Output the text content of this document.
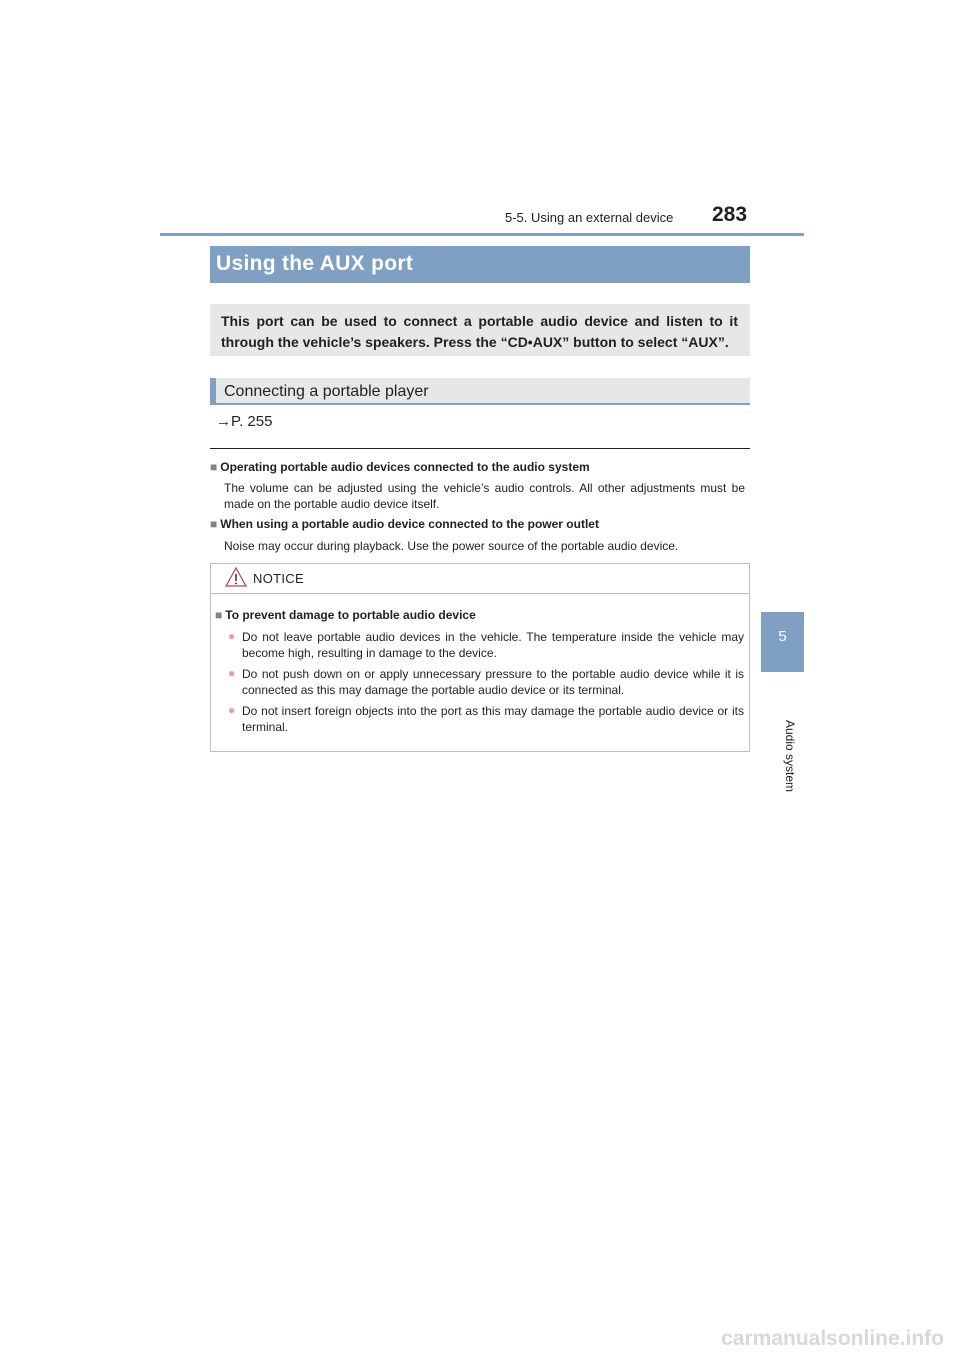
5-5. Using an external device 283
5
Audio system
Using the AUX port
This port can be used to connect a portable audio device and listen to it through the vehicle’s speakers. Press the “CD•AUX” button to select “AUX”.
Connecting a portable player
→P. 255
■ Operating portable audio devices connected to the audio system
The volume can be adjusted using the vehicle’s audio controls. All other adjustments must be made on the portable audio device itself.
■ When using a portable audio device connected to the power outlet
Noise may occur during playback. Use the power source of the portable audio device.
NOTICE
■ To prevent damage to portable audio device
● Do not leave portable audio devices in the vehicle. The temperature inside the vehicle may become high, resulting in damage to the device.
● Do not push down on or apply unnecessary pressure to the portable audio device while it is connected as this may damage the portable audio device or its terminal.
● Do not insert foreign objects into the port as this may damage the portable audio device or its terminal.
carmanualsonline.info
